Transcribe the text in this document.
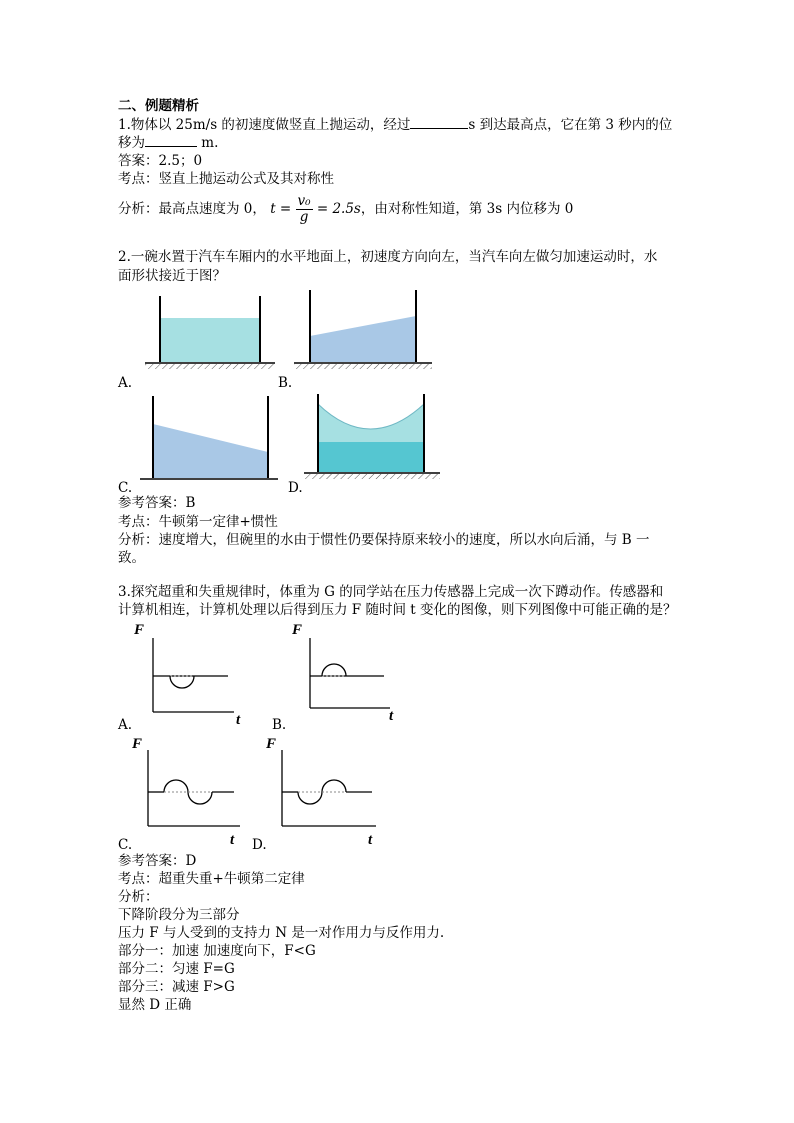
二、例题精析
1.物体以 25m/s 的初速度做竖直上抛运动，经过	s 到达最高点，它在第 3 秒内的位
移为	m.
答案：2.5；0
考点：竖直上抛运动公式及其对称性
分析：最高点速度为 0， $t = \frac{\text{v₀}}{g} = 2.5s$，由对称性知道，第 3s 内位移为 0
2.一碗水置于汽车车厢内的水平地面上，初速度方向向左，当汽车向左做匀加速运动时，水
面形状接近于图？
A.	B.
C.	D.
参考答案：B
考点：牛顿第一定律+惯性
分析：速度增大，但碗里的水由于惯性仍要保持原来较小的速度，所以水向后涌，与 B 一
致。
3.探究超重和失重规律时，体重为 G 的同学站在压力传感器上完成一次下蹲动作。传感器和
计算机相连，计算机处理以后得到压力 F 随时间 t 变化的图像，则下列图像中可能正确的是？
F
t
A.
F
t
B.
F
t
C.
F
t
D.
参考答案：D
考点：超重失重+牛顿第二定律
分析：
下降阶段分为三部分
压力 F 与人受到的支持力 N 是一对作用力与反作用力.
部分一：加速 加速度向下，F<G
部分二：匀速 F=G
部分三：减速 F>G
显然 D 正确
